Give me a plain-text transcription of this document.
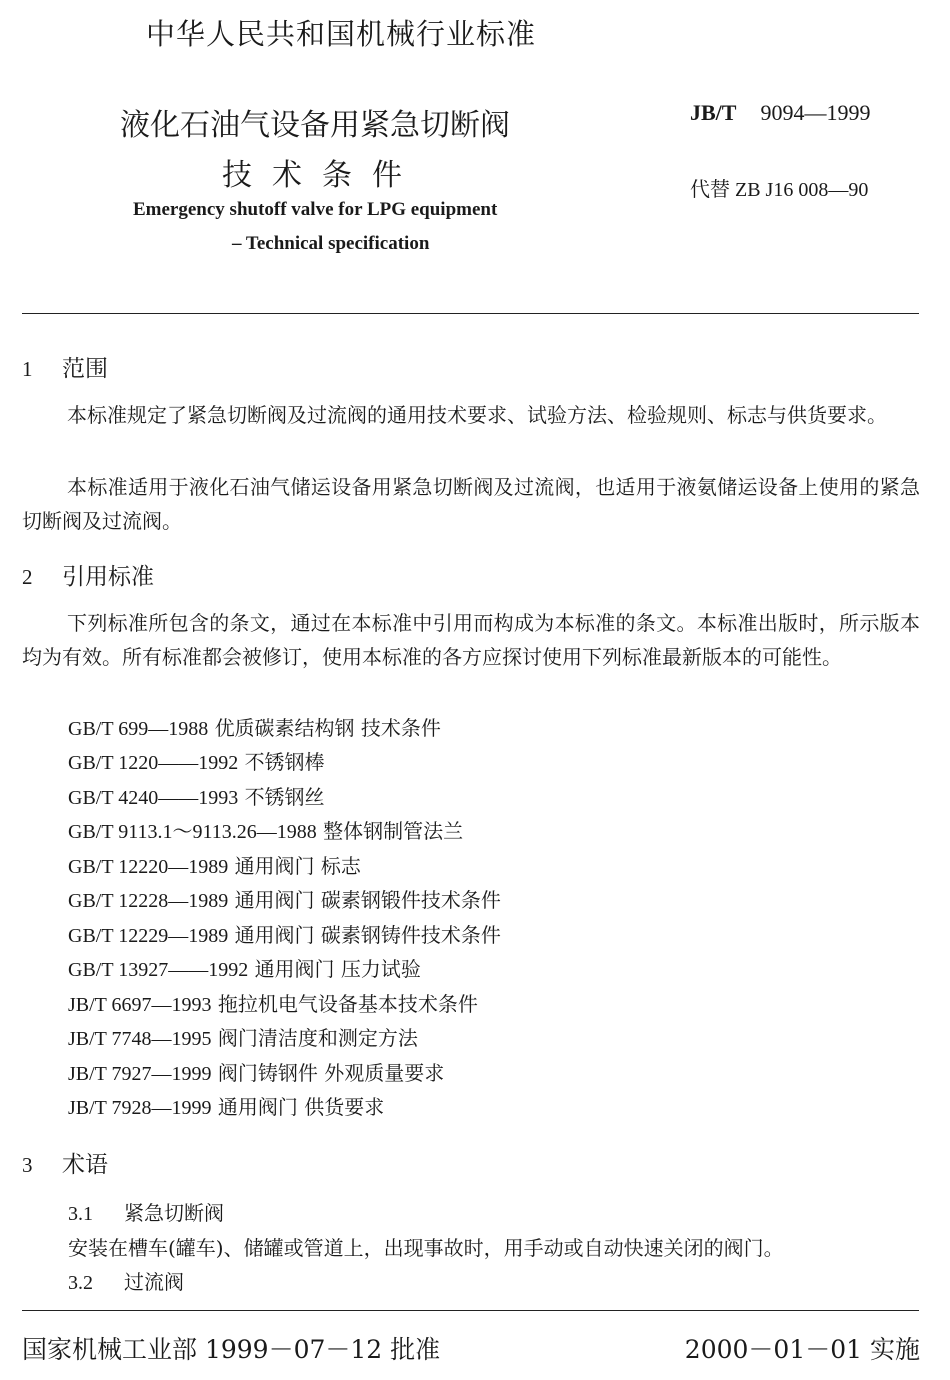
中华人民共和国机械行业标准
液化石油气设备用紧急切断阀
技术条件
Emergency shutoff valve for LPG equipment
– Technical specification
JB/T 9094—1999
代替 ZB J16 008—90
1 范围
本标准规定了紧急切断阀及过流阀的通用技术要求、试验方法、检验规则、标志与供货要求。
本标准适用于液化石油气储运设备用紧急切断阀及过流阀，也适用于液氨储运设备上使用的紧急切断阀及过流阀。
2 引用标准
下列标准所包含的条文，通过在本标准中引用而构成为本标准的条文。本标准出版时，所示版本均为有效。所有标准都会被修订，使用本标准的各方应探讨使用下列标准最新版本的可能性。
GB/T 699—1988 优质碳素结构钢 技术条件
GB/T 1220——1992 不锈钢棒
GB/T 4240——1993 不锈钢丝
GB/T 9113.1～9113.26—1988 整体钢制管法兰
GB/T 12220—1989 通用阀门 标志
GB/T 12228—1989 通用阀门 碳素钢锻件技术条件
GB/T 12229—1989 通用阀门 碳素钢铸件技术条件
GB/T 13927——1992 通用阀门 压力试验
JB/T 6697—1993 拖拉机电气设备基本技术条件
JB/T 7748—1995 阀门清洁度和测定方法
JB/T 7927—1999 阀门铸钢件 外观质量要求
JB/T 7928—1999 通用阀门 供货要求
3 术语
3.1 紧急切断阀
安装在槽车(罐车)、储罐或管道上，出现事故时，用手动或自动快速关闭的阀门。
3.2 过流阀
国家机械工业部 1999－07－12 批准	2000－01－01 实施
